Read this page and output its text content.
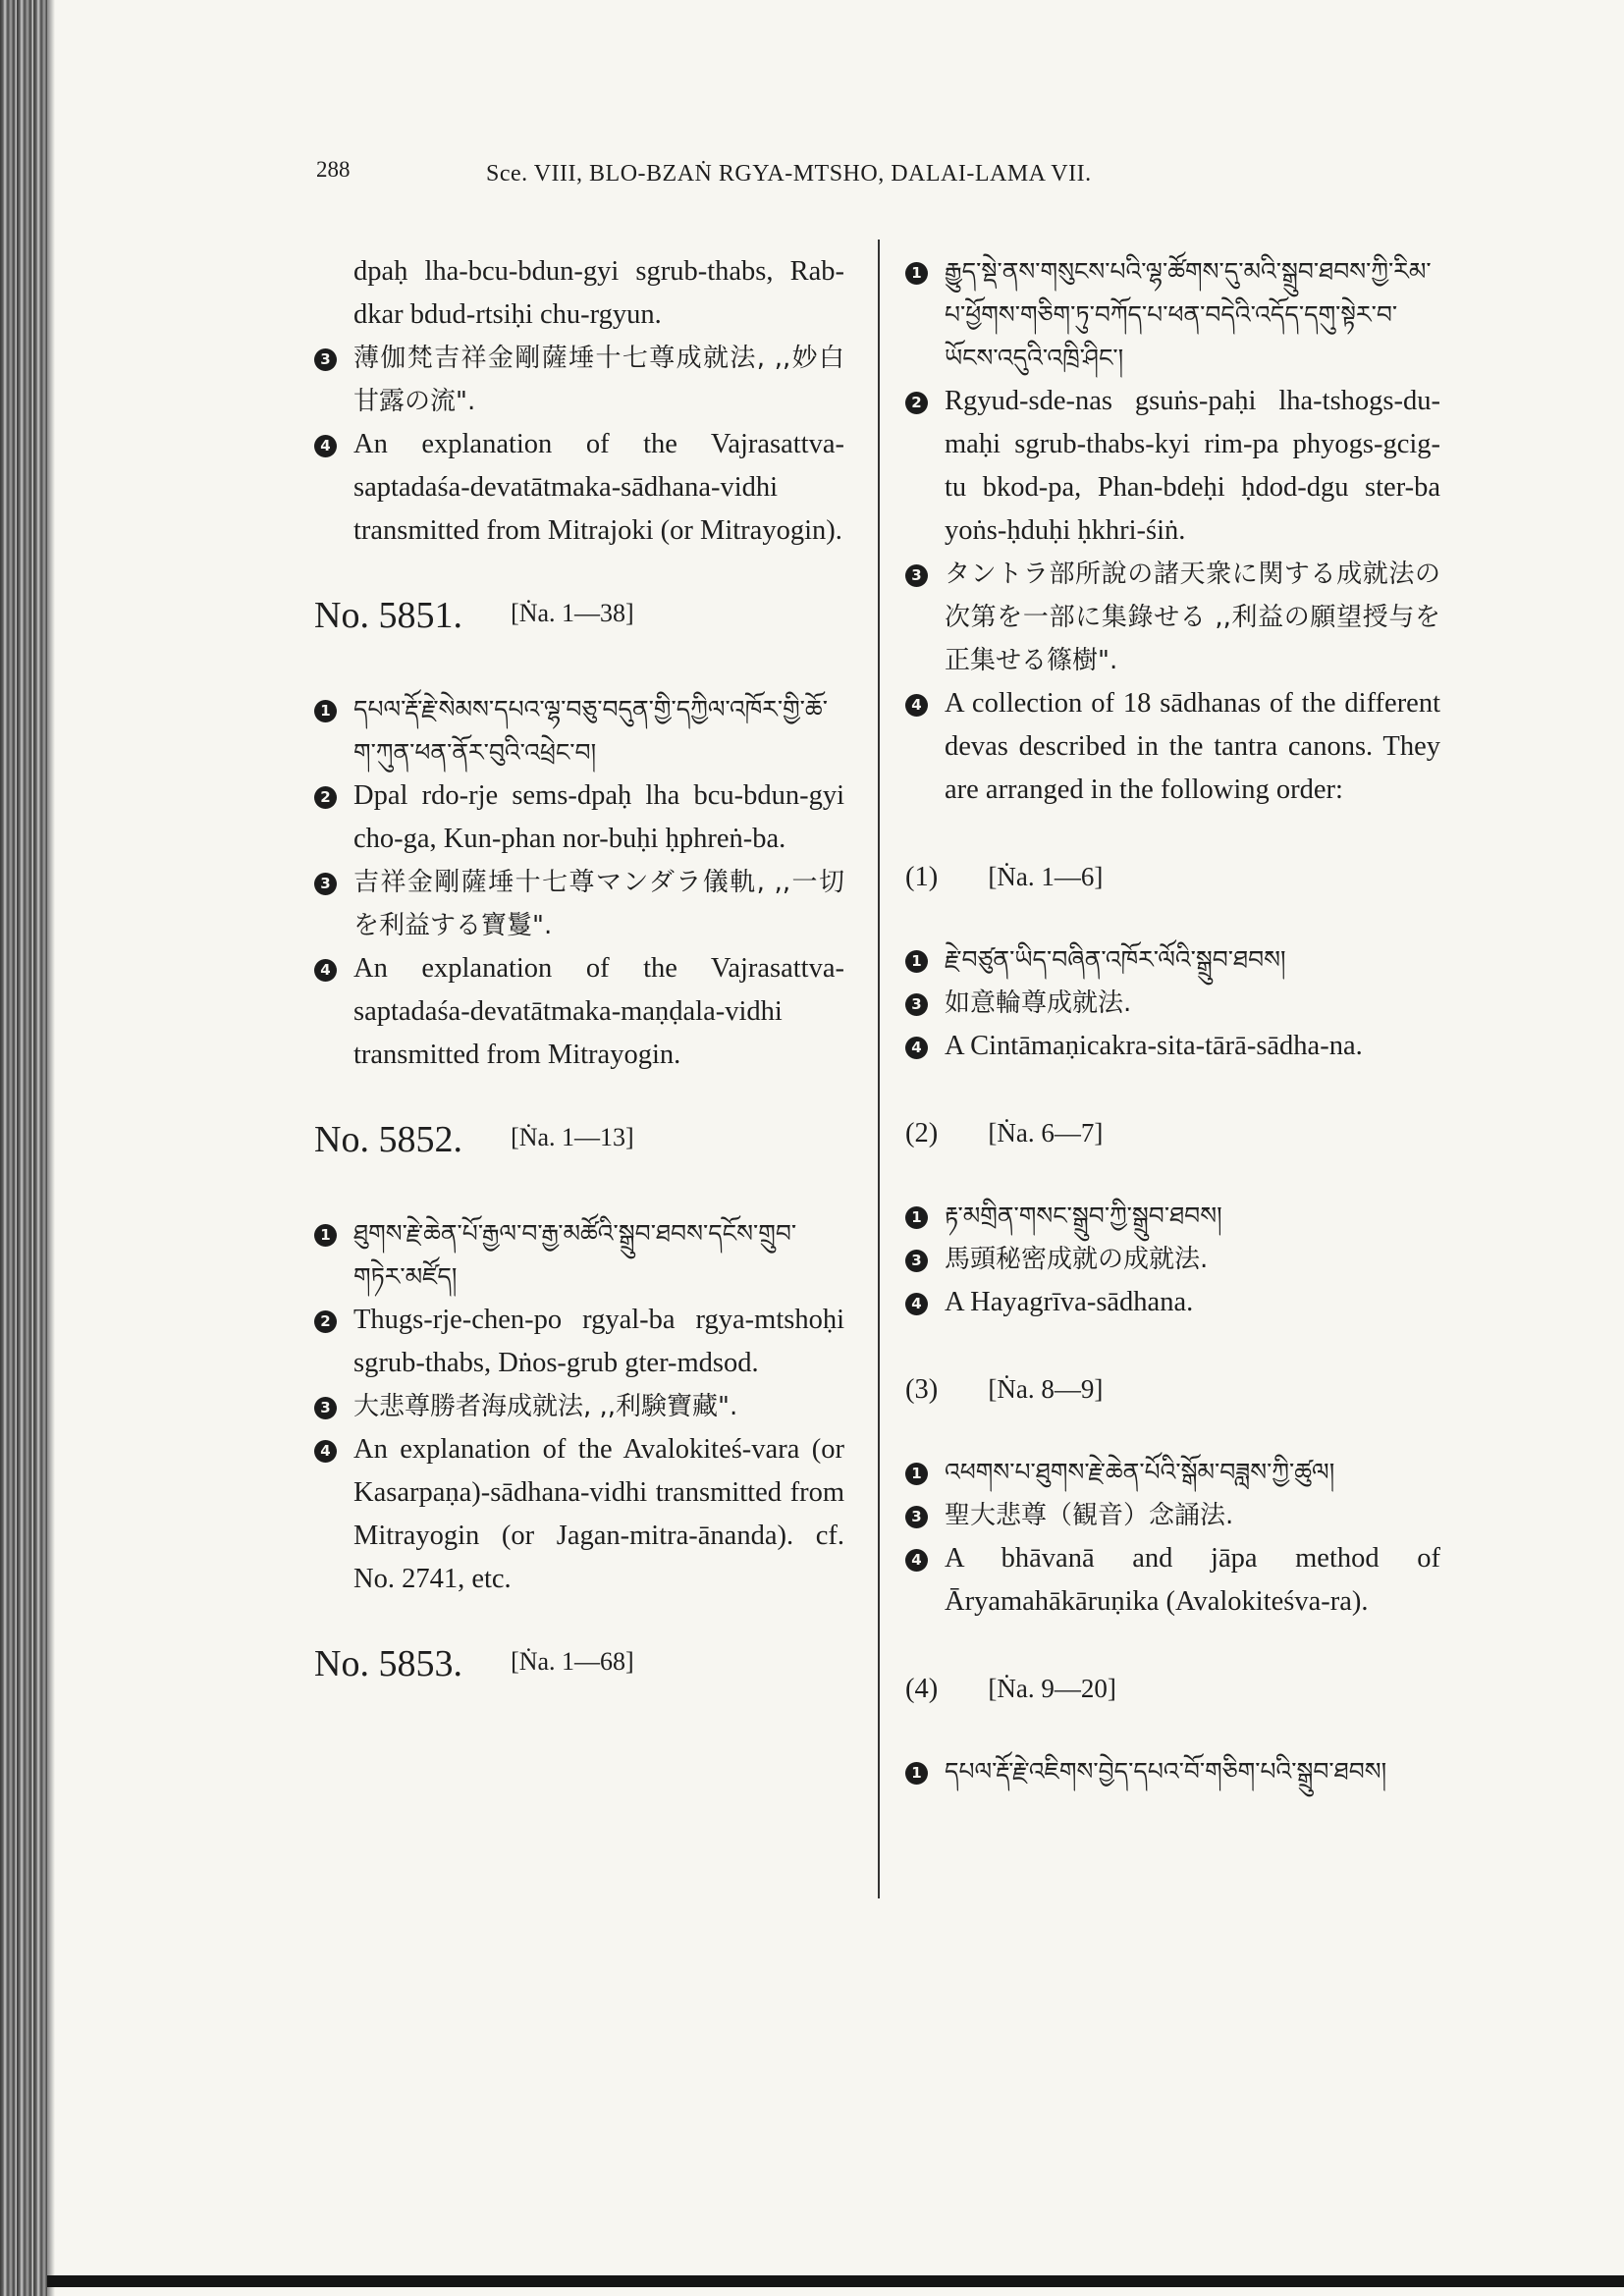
288	Sce. VIII, BLO-BZAṄ RGYA-MTSHO, DALAI-LAMA VII.
dpaḥ lha-bcu-bdun-gyi sgrub-thabs, Rab-dkar bdud-rtsiḥi chu-rgyun.
3 薄伽梵吉祥金剛薩埵十七尊成就法, ,,妙白甘露の流".
4 An explanation of the Vajrasattva-saptadaśa-devatātmaka-sādhana-vidhi transmitted from Mitrajoki (or Mitrayogin).
No. 5851. [Ṅa. 1—38]
1 དཔལ་རྡོ་རྗེ་སེམས་དཔའ་ལྷ་བཅུ་བདུན་གྱི་དཀྱིལ་འཁོར་གྱི་ཆོ་ག་ཀུན་ཕན་ནོར་བུའི་འཕྲེང་བ།
2 Dpal rdo-rje sems-dpaḥ lha bcu-bdun-gyi cho-ga, Kun-phan nor-buḥi ḥphreṅ-ba.
3 吉祥金剛薩埵十七尊マンダラ儀軌, ,,一切を利益する寶鬘".
4 An explanation of the Vajrasattva-saptadaśa-devatātmaka-maṇḍala-vidhi transmitted from Mitrayogin.
No. 5852. [Ṅa. 1—13]
1 ཐུགས་རྗེ་ཆེན་པོ་རྒྱལ་བ་རྒྱ་མཚོའི་སྒྲུབ་ཐབས་དངོས་གྲུབ་གཏེར་མཛོད།
2 Thugs-rje-chen-po rgyal-ba rgya-mtshoḥi sgrub-thabs, Dṅos-grub gter-mdsod.
3 大悲尊勝者海成就法, ,,利験寶藏".
4 An explanation of the Avalokiteś-vara (or Kasarpaṇa)-sādhana-vidhi transmitted from Mitrayogin (or Jagan-mitra-ānanda). cf. No. 2741, etc.
No. 5853. [Ṅa. 1—68]
1 རྒྱུད་སྡེ་ནས་གསུངས་པའི་ལྷ་ཚོགས་དུ་མའི་སྒྲུབ་ཐབས་ཀྱི་རིམ་པ་ཕྱོགས་གཅིག་ཏུ་བཀོད་པ་ཕན་བདེའི་འདོད་དགུ་སྟེར་བ་ཡོངས་འདུའི་འཁྲི་ཤིང་།
2 Rgyud-sde-nas gsuṅs-paḥi lha-tshogs-du-maḥi sgrub-thabs-kyi rim-pa phyogs-gcig-tu bkod-pa, Phan-bdeḥi ḥdod-dgu ster-ba yoṅs-ḥduḥi ḥkhri-śiṅ.
3 タントラ部所說の諸天衆に関する成就法の次第を一部に集錄せる ,,利益の願望授与を正集せる篠樹".
4 A collection of 18 sādhanas of the different devas described in the tantra canons. They are arranged in the following order:
(1) [Ṅa. 1—6]
1 རྗེ་བཙུན་ཡིད་བཞིན་འཁོར་ལོའི་སྒྲུབ་ཐབས།
3 如意輪尊成就法.
4 A Cintāmaṇicakra-sita-tārā-sādha-na.
(2) [Ṅa. 6—7]
1 རྟ་མགྲིན་གསང་སྒྲུབ་ཀྱི་སྒྲུབ་ཐབས།
3 馬頭秘密成就の成就法.
4 A Hayagrīva-sādhana.
(3) [Ṅa. 8—9]
1 འཕགས་པ་ཐུགས་རྗེ་ཆེན་པོའི་སྒོམ་བཟླས་ཀྱི་ཚུལ།
3 聖大悲尊（観音）念誦法.
4 A bhāvanā and jāpa method of Āryamahākāruṇika (Avalokiteśva-ra).
(4) [Ṅa. 9—20]
1 དཔལ་རྡོ་རྗེ་འཇིགས་བྱེད་དཔའ་བོ་གཅིག་པའི་སྒྲུབ་ཐབས།
